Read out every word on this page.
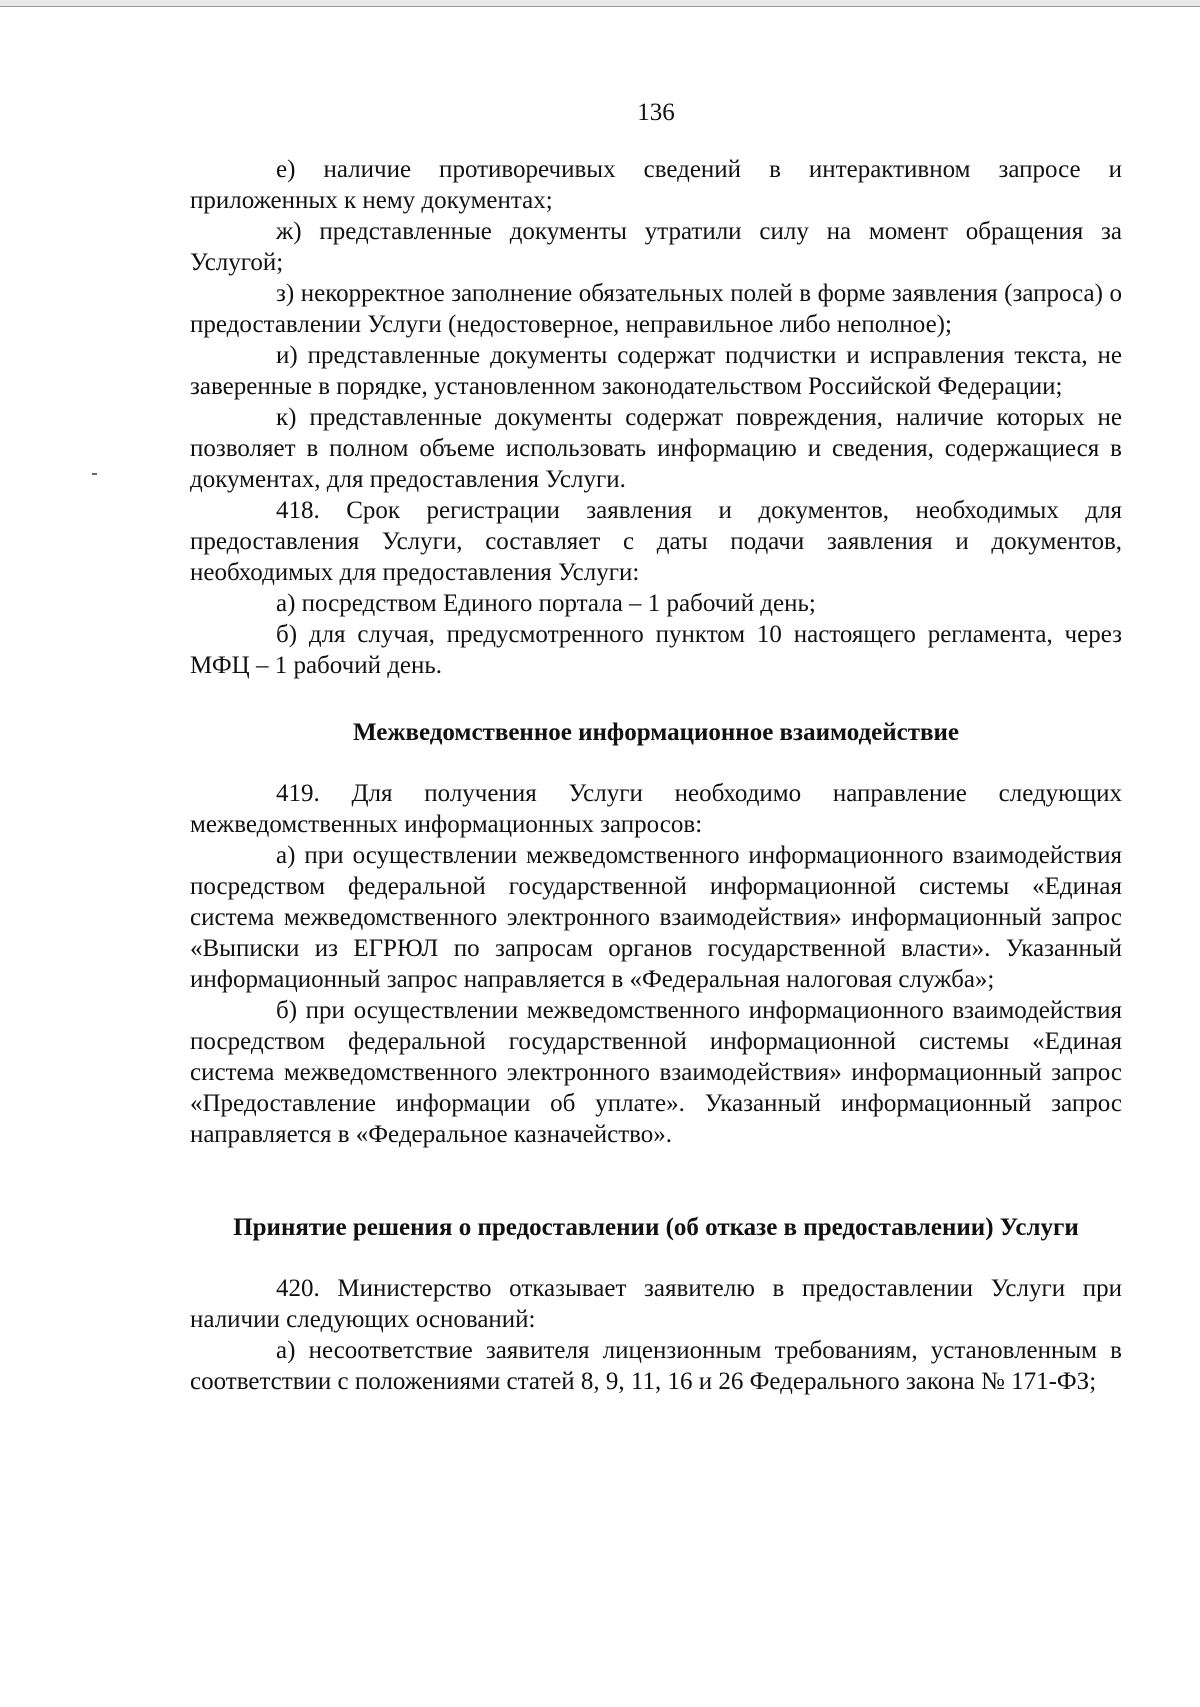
136

е) наличие противоречивых сведений в интерактивном запросе и приложенных к нему документах;

ж) представленные документы утратили силу на момент обращения за Услугой;

з) некорректное заполнение обязательных полей в форме заявления (запроса) о предоставлении Услуги (недостоверное, неправильное либо неполное);

и) представленные документы содержат подчистки и исправления текста, не заверенные в порядке, установленном законодательством Российской Федерации;

к) представленные документы содержат повреждения, наличие которых не позволяет в полном объеме использовать информацию и сведения, содержащиеся в документах, для предоставления Услуги.

418. Срок регистрации заявления и документов, необходимых для предоставления Услуги, составляет с даты подачи заявления и документов, необходимых для предоставления Услуги:

а) посредством Единого портала – 1 рабочий день;

б) для случая, предусмотренного пунктом 10 настоящего регламента, через МФЦ – 1 рабочий день.

Межведомственное информационное взаимодействие

419. Для получения Услуги необходимо направление следующих межведомственных информационных запросов:

а) при осуществлении межведомственного информационного взаимодействия посредством федеральной государственной информационной системы «Единая система межведомственного электронного взаимодействия» информационный запрос «Выписки из ЕГРЮЛ по запросам органов государственной власти». Указанный информационный запрос направляется в «Федеральная налоговая служба»;

б) при осуществлении межведомственного информационного взаимодействия посредством федеральной государственной информационной системы «Единая система межведомственного электронного взаимодействия» информационный запрос «Предоставление информации об уплате». Указанный информационный запрос направляется в «Федеральное казначейство».

Принятие решения о предоставлении (об отказе в предоставлении) Услуги

420. Министерство отказывает заявителю в предоставлении Услуги при наличии следующих оснований:

а) несоответствие заявителя лицензионным требованиям, установленным в соответствии с положениями статей 8, 9, 11, 16 и 26 Федерального закона № 171-ФЗ;
